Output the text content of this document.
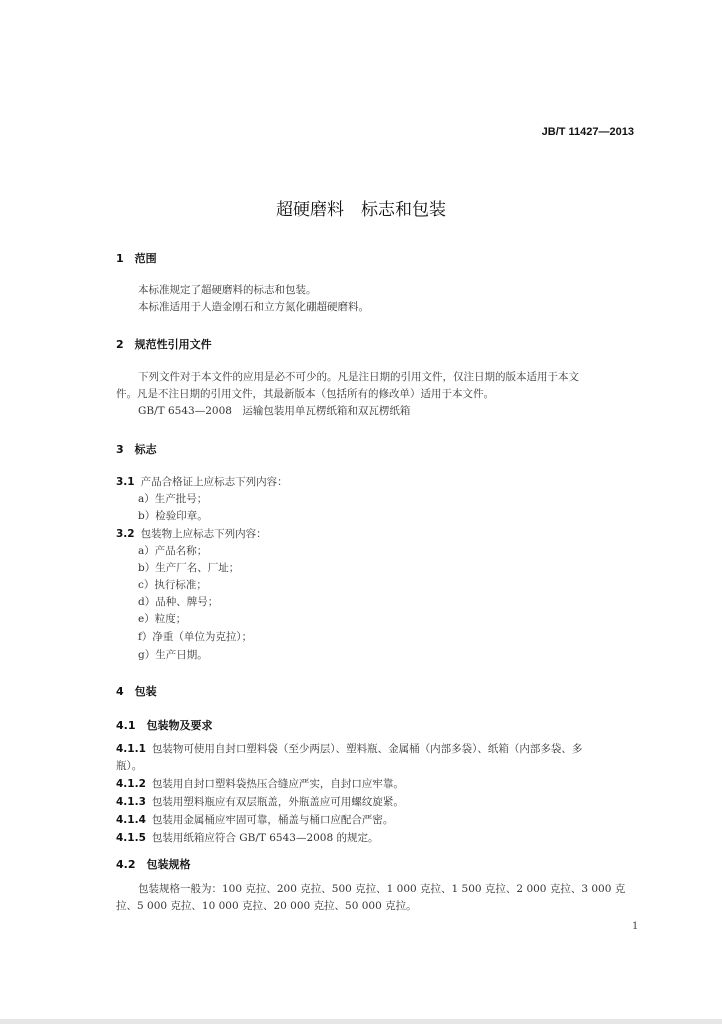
JB/T 11427—2013
超硬磨料　标志和包装
1　范围
本标准规定了超硬磨料的标志和包装。
本标准适用于人造金刚石和立方氮化硼超硬磨料。
2　规范性引用文件
下列文件对于本文件的应用是必不可少的。凡是注日期的引用文件，仅注日期的版本适用于本文
件。凡是不注日期的引用文件，其最新版本（包括所有的修改单）适用于本文件。
GB/T 6543—2008　运输包装用单瓦楞纸箱和双瓦楞纸箱
3　标志
3.1 产品合格证上应标志下列内容：
a）生产批号；
b）检验印章。
3.2 包装物上应标志下列内容：
a）产品名称；
b）生产厂名、厂址；
c）执行标准；
d）品种、牌号；
e）粒度；
f）净重（单位为克拉）；
g）生产日期。
4　包装
4.1　包装物及要求
4.1.1 包装物可使用自封口塑料袋（至少两层）、塑料瓶、金属桶（内部多袋）、纸箱（内部多袋、多
瓶）。
4.1.2 包装用自封口塑料袋热压合缝应严实，自封口应牢靠。
4.1.3 包装用塑料瓶应有双层瓶盖，外瓶盖应可用螺纹旋紧。
4.1.4 包装用金属桶应牢固可靠，桶盖与桶口应配合严密。
4.1.5 包装用纸箱应符合 GB/T 6543—2008 的规定。
4.2　包装规格
包装规格一般为：100 克拉、200 克拉、500 克拉、1 000 克拉、1 500 克拉、2 000 克拉、3 000 克
拉、5 000 克拉、10 000 克拉、20 000 克拉、50 000 克拉。
1
